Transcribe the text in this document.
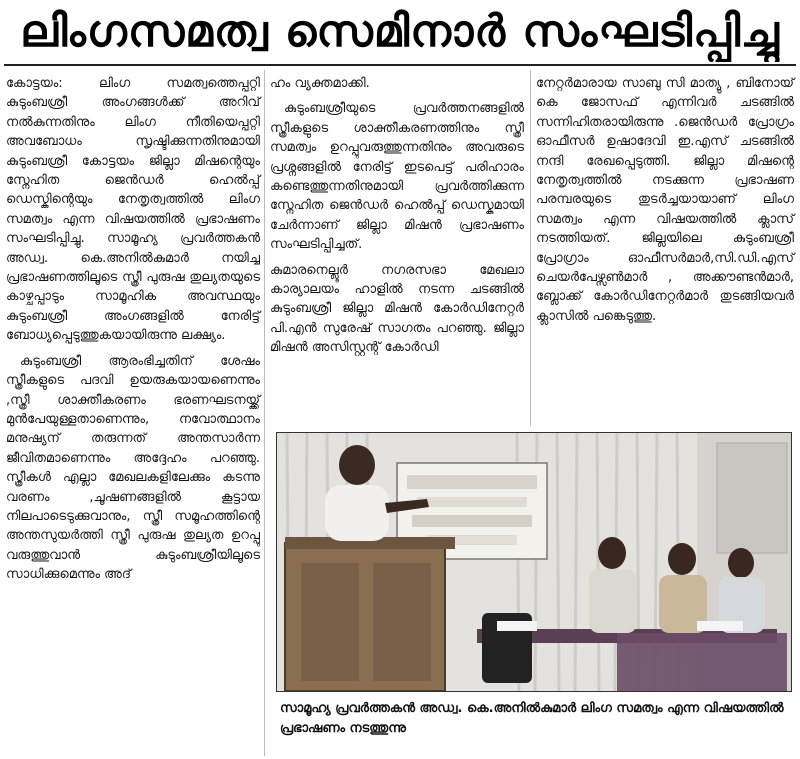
ലിംഗസമത്വ സെമിനാർ സംഘടിപ്പിച്ചു

കോട്ടയം: ലിംഗ സമത്വത്തെപ്പറ്റി കുടുംബശ്രീ അംഗങ്ങൾക്ക് അറിവ് നൽകുന്നതിനും ലിംഗ നീതിയെപ്പറ്റി അവബോധം സൃഷ്ടിക്കുന്നതിനുമായി കുടുംബശ്രീ കോട്ടയം ജില്ലാ മിഷന്റെയും സ്നേഹിത ജെൻഡർ ഹെൽപ്പ് ഡെസ്കിന്റെയും നേതൃത്വത്തിൽ ലിംഗ സമത്വം എന്ന വിഷയത്തിൽ പ്രഭാഷണം സംഘടിപ്പിച്ചു. സാമൂഹ്യ പ്രവർത്തകൻ അഡ്വ. കെ.അനിൽകുമാർ നയിച്ച പ്രഭാഷണത്തിലൂടെ സ്ത്രീ പുരുഷ തുല്യതയുടെ കാഴ്ചപ്പാടും സാമൂഹിക അവസ്ഥയും കുടുംബശ്രീ അംഗങ്ങളിൽ നേരിട്ട് ബോധ്യപ്പെടുത്തുകയായിരുന്നു ലക്ഷ്യം.

കുടുംബശ്രീ ആരംഭിച്ചതിന് ശേഷം സ്ത്രീകളുടെ പദവി ഉയരുകയായണെന്നും ,സ്ത്രീ ശാക്തീകരണം ഭരണഘടനയ്ക്ക് മുൻപേയുള്ളതാണെന്നും, നവോത്ഥാനം മനുഷ്യന് തരുന്നത് അന്തസാർന്ന ജീവിതമാണെന്നും അദ്ദേഹം പറഞ്ഞു. സ്ത്രീകൾ എല്ലാ മേഖലകളിലേക്കും കടന്നു വരണം ,ചൂഷണങ്ങളിൽ കൂട്ടായ നിലപാടെടുക്കുവാനും, സ്ത്രീ സമൂഹത്തിന്റെ അന്തസുയർത്തി സ്ത്രീ പുരുഷ തുല്യത ഉറപ്പു വരുത്തുവാൻ കുടുംബശ്രീയിലൂടെ സാധിക്കുമെന്നും അദ്

ഹം വ്യക്തമാക്കി.

കുടുംബശ്രീയുടെ പ്രവർത്തനങ്ങളിൽ സ്ത്രീകളുടെ ശാക്തീകരണത്തിനും സ്ത്രീ സമത്വം ഉറപ്പുവരുത്തുന്നതിനും അവരുടെ പ്രശ്നങ്ങളിൽ നേരിട്ട് ഇടപെട്ട് പരിഹാരം കണ്ടെത്തുന്നതിനുമായി പ്രവർത്തിക്കുന്ന സ്നേഹിത ജെൻഡർ ഹെൽപ്പ് ഡെസ്കുമായി ചേർന്നാണ് ജില്ലാ മിഷൻ പ്രഭാഷണം സംഘടിപ്പിച്ചത്.

കുമാരനെല്ലൂർ നഗരസഭാ മേഖലാ കാര്യാലയം ഹാളിൽ നടന്ന ചടങ്ങിൽ കുടുംബശ്രീ ജില്ലാ മിഷൻ കോർഡിനേറ്റർ പി.എൻ സുരേഷ് സാഗതം പറഞ്ഞു. ജില്ലാ മിഷൻ അസിസ്റ്റന്റ് കോർഡി

നേറ്റർമാരായ സാബു സി മാത്യു , ബിനോയ് കെ ജോസഫ് എന്നിവർ ചടങ്ങിൽ സന്നിഹിതരായിരുന്നു .ജെൻഡർ പ്രോഗ്രം ഓഫീസർ ഉഷാദേവി ഇ.എസ് ചടങ്ങിൽ നന്ദി രേഖപ്പെടുത്തി. ജില്ലാ മിഷന്റെ നേതൃത്വത്തിൽ നടക്കുന്ന പ്രഭാഷണ പരമ്പരയുടെ തുടർച്ചയായാണ് ലിംഗ സമത്വം എന്ന വിഷയത്തിൽ ക്ലാസ് നടത്തിയത്. ജില്ലയിലെ കുടുംബശ്രീ പ്രോഗ്രാം ഓഫീസർമാർ,സി.ഡി.എസ് ചെയർപേഴ്സൺമാർ , അക്കൗണ്ടൻമാർ, ബ്ലോക്ക് കോർഡിനേറ്റർമാർ തുടങ്ങിയവർ ക്ലാസിൽ പങ്കെടുത്തു.

സാമൂഹ്യ പ്രവർത്തകൻ അഡ്വ. കെ.അനിൽകുമാർ ലിംഗ സമത്വം എന്ന വിഷയത്തിൽ പ്രഭാഷണം നടത്തുന്നു
